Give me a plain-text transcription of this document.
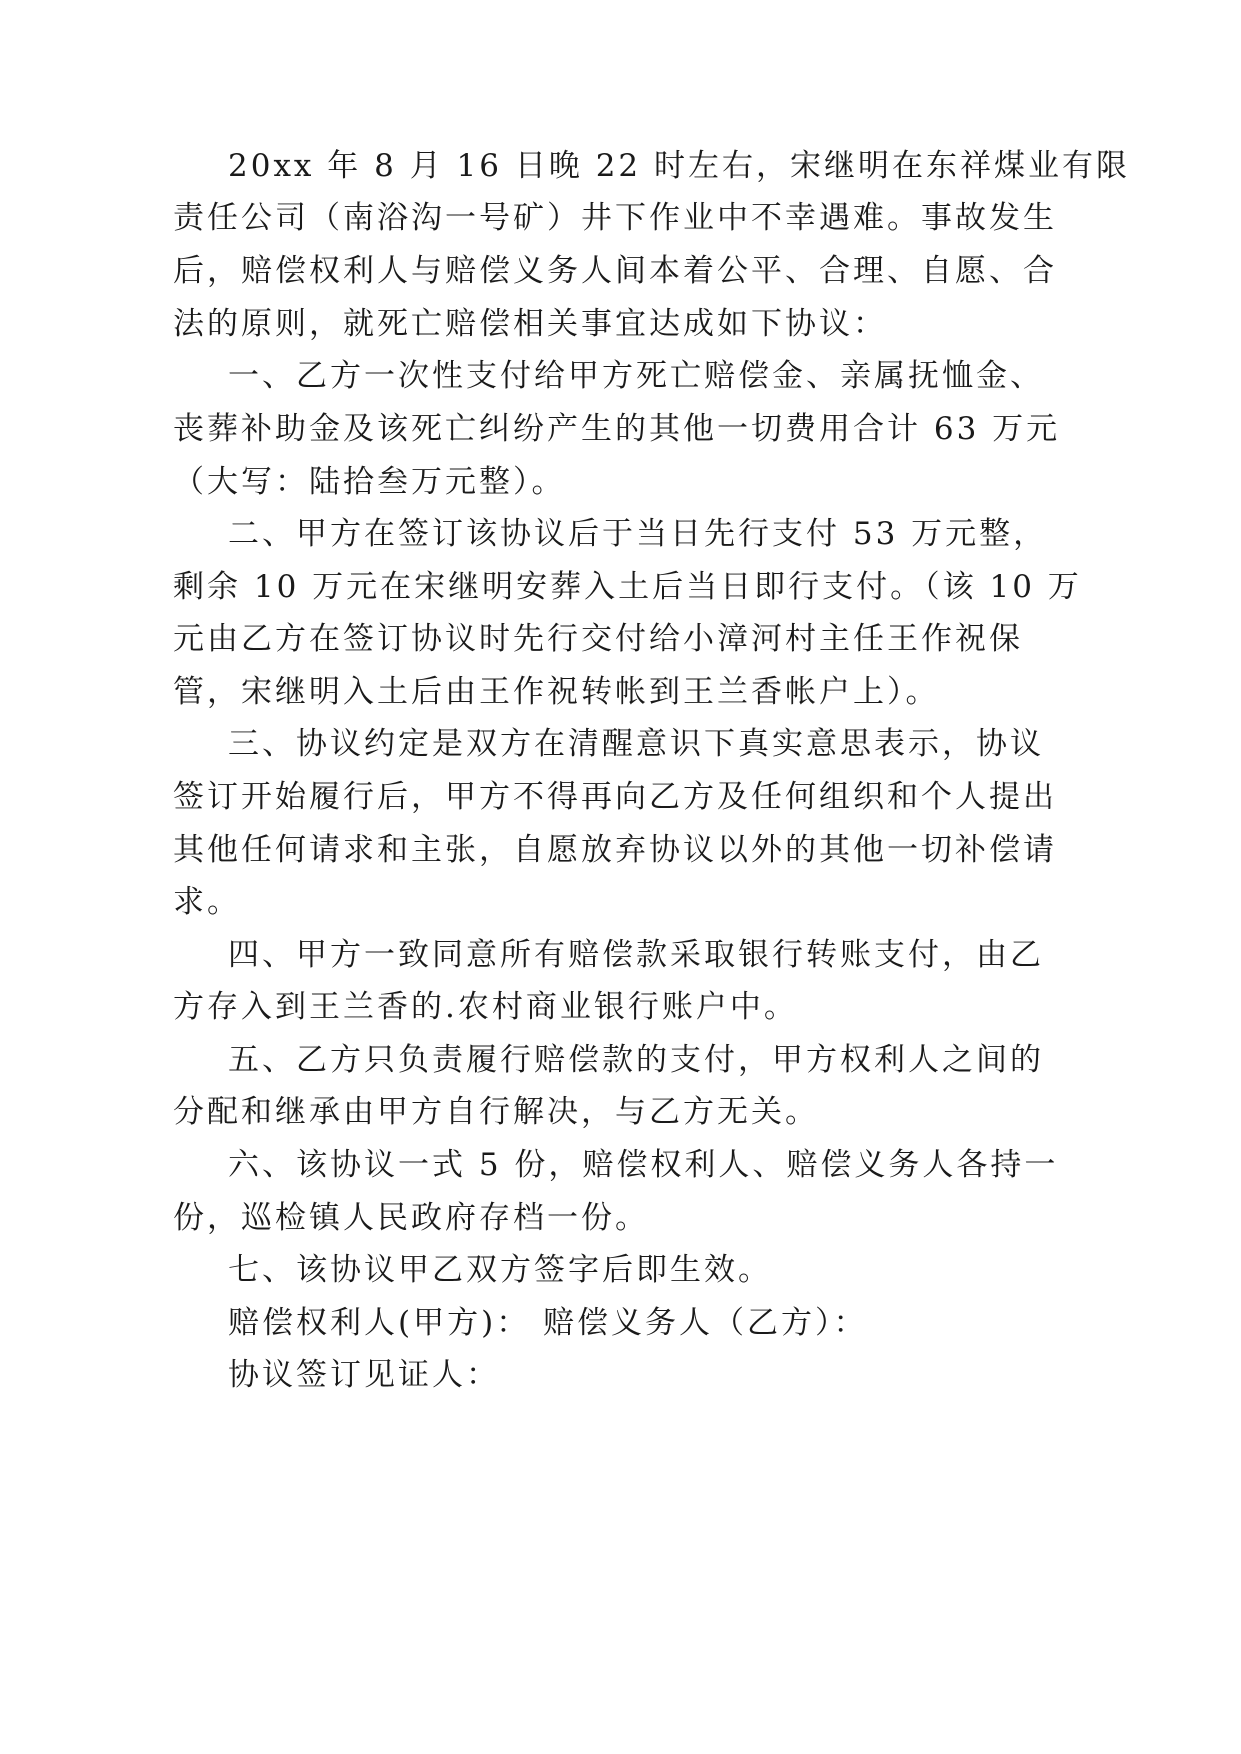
20xx 年 8 月 16 日晚 22 时左右，宋继明在东祥煤业有限
责任公司（南浴沟一号矿）井下作业中不幸遇难。事故发生
后，赔偿权利人与赔偿义务人间本着公平、合理、自愿、合
法的原则，就死亡赔偿相关事宜达成如下协议：
一、乙方一次性支付给甲方死亡赔偿金、亲属抚恤金、
丧葬补助金及该死亡纠纷产生的其他一切费用合计 63 万元
（大写：陆拾叁万元整）。
二、甲方在签订该协议后于当日先行支付 53 万元整，
剩余 10 万元在宋继明安葬入土后当日即行支付。（该 10 万
元由乙方在签订协议时先行交付给小漳河村主任王作祝保
管，宋继明入土后由王作祝转帐到王兰香帐户上）。
三、协议约定是双方在清醒意识下真实意思表示，协议
签订开始履行后，甲方不得再向乙方及任何组织和个人提出
其他任何请求和主张，自愿放弃协议以外的其他一切补偿请
求。
四、甲方一致同意所有赔偿款采取银行转账支付，由乙
方存入到王兰香的.农村商业银行账户中。
五、乙方只负责履行赔偿款的支付，甲方权利人之间的
分配和继承由甲方自行解决，与乙方无关。
六、该协议一式 5 份，赔偿权利人、赔偿义务人各持一
份，巡检镇人民政府存档一份。
七、该协议甲乙双方签字后即生效。
赔偿权利人(甲方)： 赔偿义务人（乙方）：
协议签订见证人：
